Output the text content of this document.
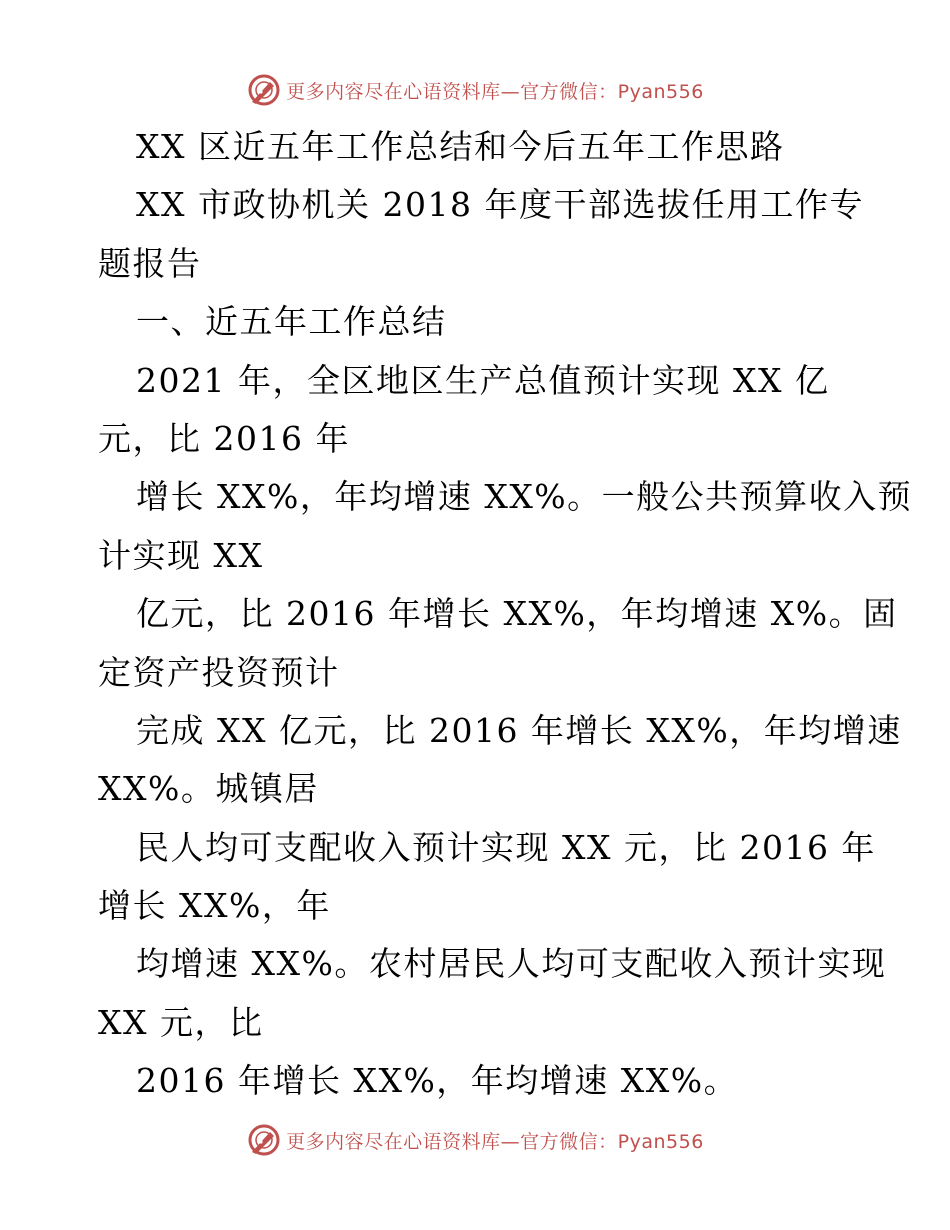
更多内容尽在心语资料库—官方微信：Pyan556
XX 区近五年工作总结和今后五年工作思路
XX 市政协机关 2018 年度干部选拔任用工作专
题报告
一、近五年工作总结
2021 年，全区地区生产总值预计实现 XX 亿
元，比 2016 年
增长 XX%，年均增速 XX%。一般公共预算收入预
计实现 XX
亿元，比 2016 年增长 XX%，年均增速 X%。固
定资产投资预计
完成 XX 亿元，比 2016 年增长 XX%，年均增速
XX%。城镇居
民人均可支配收入预计实现 XX 元，比 2016 年
增长 XX%，年
均增速 XX%。农村居民人均可支配收入预计实现
XX 元，比
2016 年增长 XX%，年均增速 XX%。
更多内容尽在心语资料库—官方微信：Pyan556
